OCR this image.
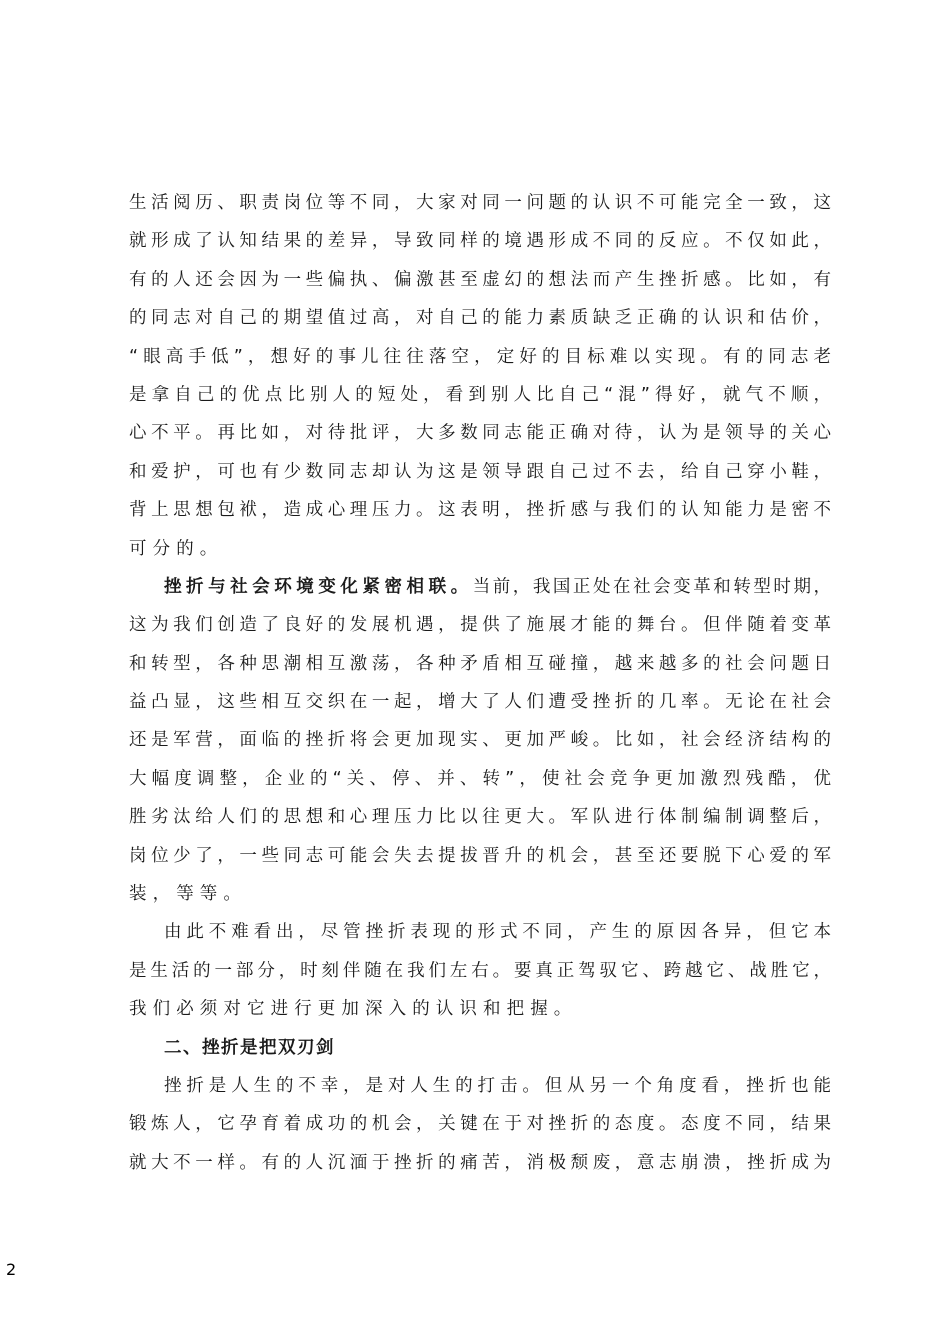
生活阅历、职责岗位等不同，大家对同一问题的认识不可能完全一致，这
就形成了认知结果的差异，导致同样的境遇形成不同的反应。不仅如此，
有的人还会因为一些偏执、偏激甚至虚幻的想法而产生挫折感。比如，有
的同志对自己的期望值过高，对自己的能力素质缺乏正确的认识和估价，
“眼高手低”，想好的事儿往往落空，定好的目标难以实现。有的同志老
是拿自己的优点比别人的短处，看到别人比自己“混”得好，就气不顺，
心不平。再比如，对待批评，大多数同志能正确对待，认为是领导的关心
和爱护，可也有少数同志却认为这是领导跟自己过不去，给自己穿小鞋，
背上思想包袱，造成心理压力。这表明，挫折感与我们的认知能力是密不
可分的。
挫折与社会环境变化紧密相联。当前，我国正处在社会变革和转型时期，
这为我们创造了良好的发展机遇，提供了施展才能的舞台。但伴随着变革
和转型，各种思潮相互激荡，各种矛盾相互碰撞，越来越多的社会问题日
益凸显，这些相互交织在一起，增大了人们遭受挫折的几率。无论在社会
还是军营，面临的挫折将会更加现实、更加严峻。比如，社会经济结构的
大幅度调整，企业的“关、停、并、转”，使社会竞争更加激烈残酷，优
胜劣汰给人们的思想和心理压力比以往更大。军队进行体制编制调整后，
岗位少了，一些同志可能会失去提拔晋升的机会，甚至还要脱下心爱的军
装，等等。
由此不难看出，尽管挫折表现的形式不同，产生的原因各异，但它本
是生活的一部分，时刻伴随在我们左右。要真正驾驭它、跨越它、战胜它，
我们必须对它进行更加深入的认识和把握。
二、挫折是把双刃剑
挫折是人生的不幸，是对人生的打击。但从另一个角度看，挫折也能
锻炼人，它孕育着成功的机会，关键在于对挫折的态度。态度不同，结果
就大不一样。有的人沉湎于挫折的痛苦，消极颓废，意志崩溃，挫折成为
2
